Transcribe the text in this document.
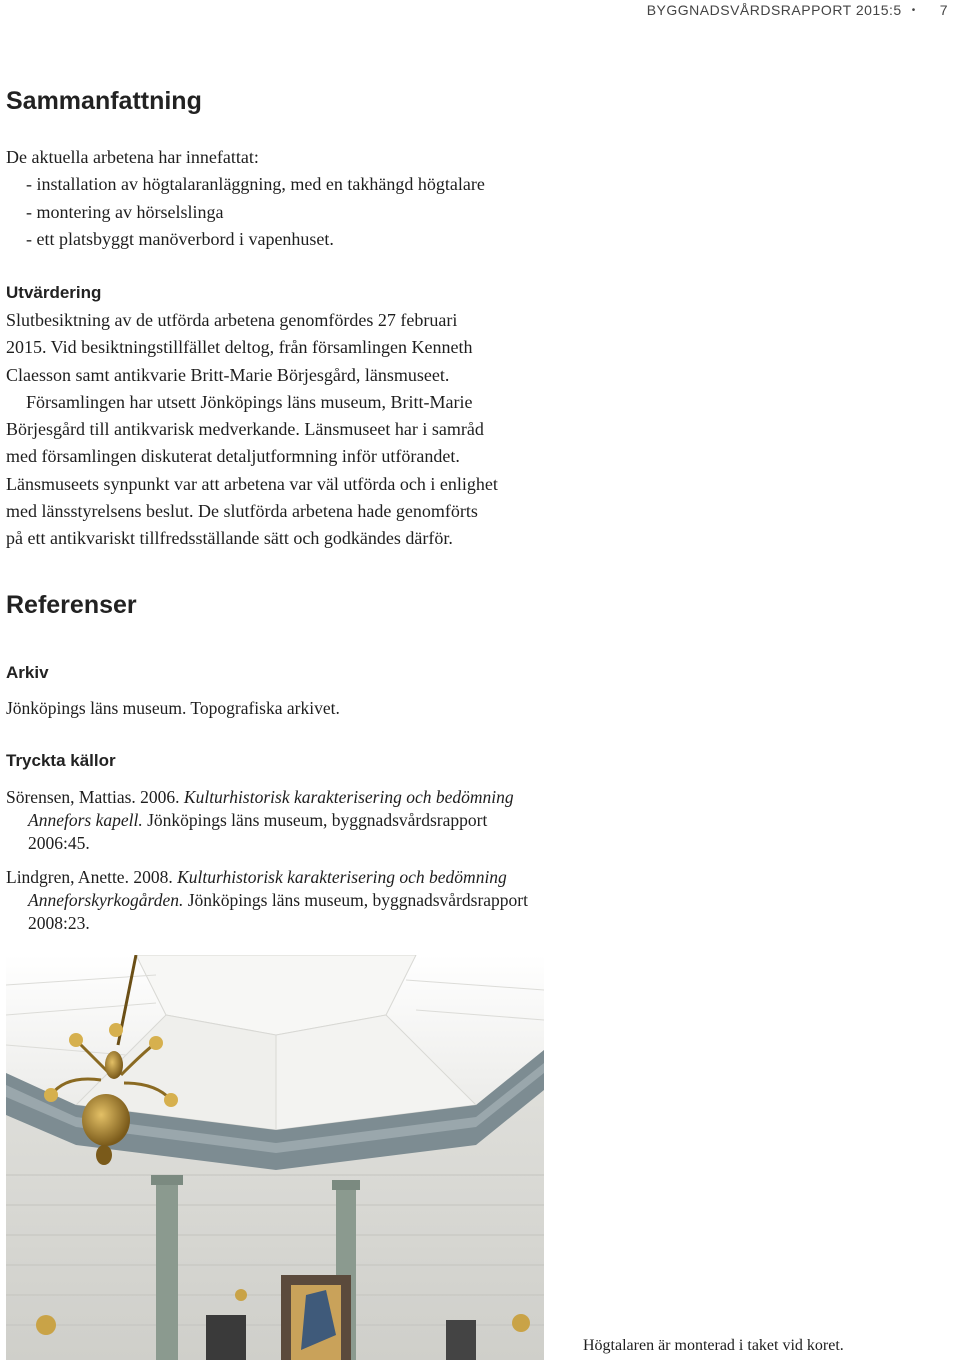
BYGGNADSVÅRDSRAPPORT 2015:5 • 7
Sammanfattning
De aktuella arbetena har innefattat:
- installation av högtalaranläggning, med en takhängd högtalare
- montering av hörselslinga
- ett platsbyggt manöverbord i vapenhuset.
Utvärdering
Slutbesiktning av de utförda arbetena genomfördes 27 februari
2015. Vid besiktningstillfället deltog, från församlingen Kenneth
Claesson samt antikvarie Britt-Marie Börjesgård, länsmuseet.
Församlingen har utsett Jönköpings läns museum, Britt-Marie
Börjesgård till antikvarisk medverkande. Länsmuseet har i samråd
med församlingen diskuterat detaljutformning inför utförandet.
Länsmuseets synpunkt var att arbetena var väl utförda och i enlighet
med länsstyrelsens beslut. De slutförda arbetena hade genomförts
på ett antikvariskt tillfredsställande sätt och godkändes därför.
Referenser
Arkiv
Jönköpings läns museum. Topografiska arkivet.
Tryckta källor
Sörensen, Mattias. 2006. Kulturhistorisk karakterisering och bedömning
Annefors kapell. Jönköpings läns museum, byggnadsvårdsrapport
2006:45.
Lindgren, Anette. 2008. Kulturhistorisk karakterisering och bedömning
Anneforskyrkogården. Jönköpings läns museum, byggnadsvårdsrapport
2008:23.
Högtalaren är monterad i taket vid koret.
